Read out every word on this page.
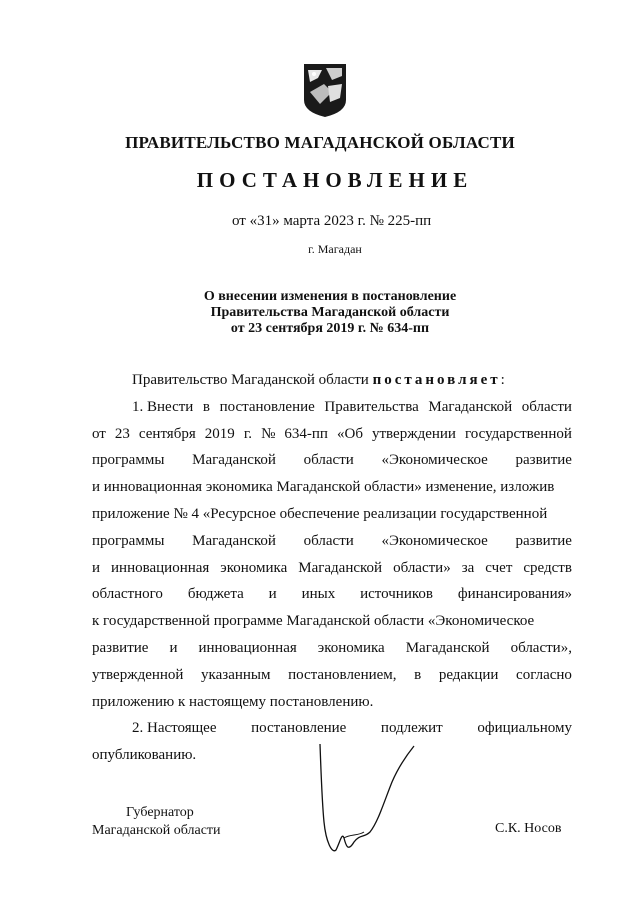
ПРАВИТЕЛЬСТВО МАГАДАНСКОЙ ОБЛАСТИ
ПОСТАНОВЛЕНИЕ
от «31» марта 2023 г. № 225-пп
г. Магадан
О внесении изменения в постановление
Правительства Магаданской области
от 23 сентября 2019 г. № 634-пп
Правительство Магаданской области постановляет:
1. Внести в постановление Правительства Магаданской области
от 23 сентября 2019 г. № 634-пп «Об утверждении государственной
программы Магаданской области «Экономическое развитие
и инновационная экономика Магаданской области» изменение, изложив
приложение № 4 «Ресурсное обеспечение реализации государственной
программы Магаданской области «Экономическое развитие
и инновационная экономика Магаданской области» за счет средств
областного бюджета и иных источников финансирования»
к государственной программе Магаданской области «Экономическое
развитие и инновационная экономика Магаданской области»,
утвержденной указанным постановлением, в редакции согласно
приложению к настоящему постановлению.
2. Настоящее постановление подлежит официальному
опубликованию.
Губернатор
Магаданской области	С.К. Носов
